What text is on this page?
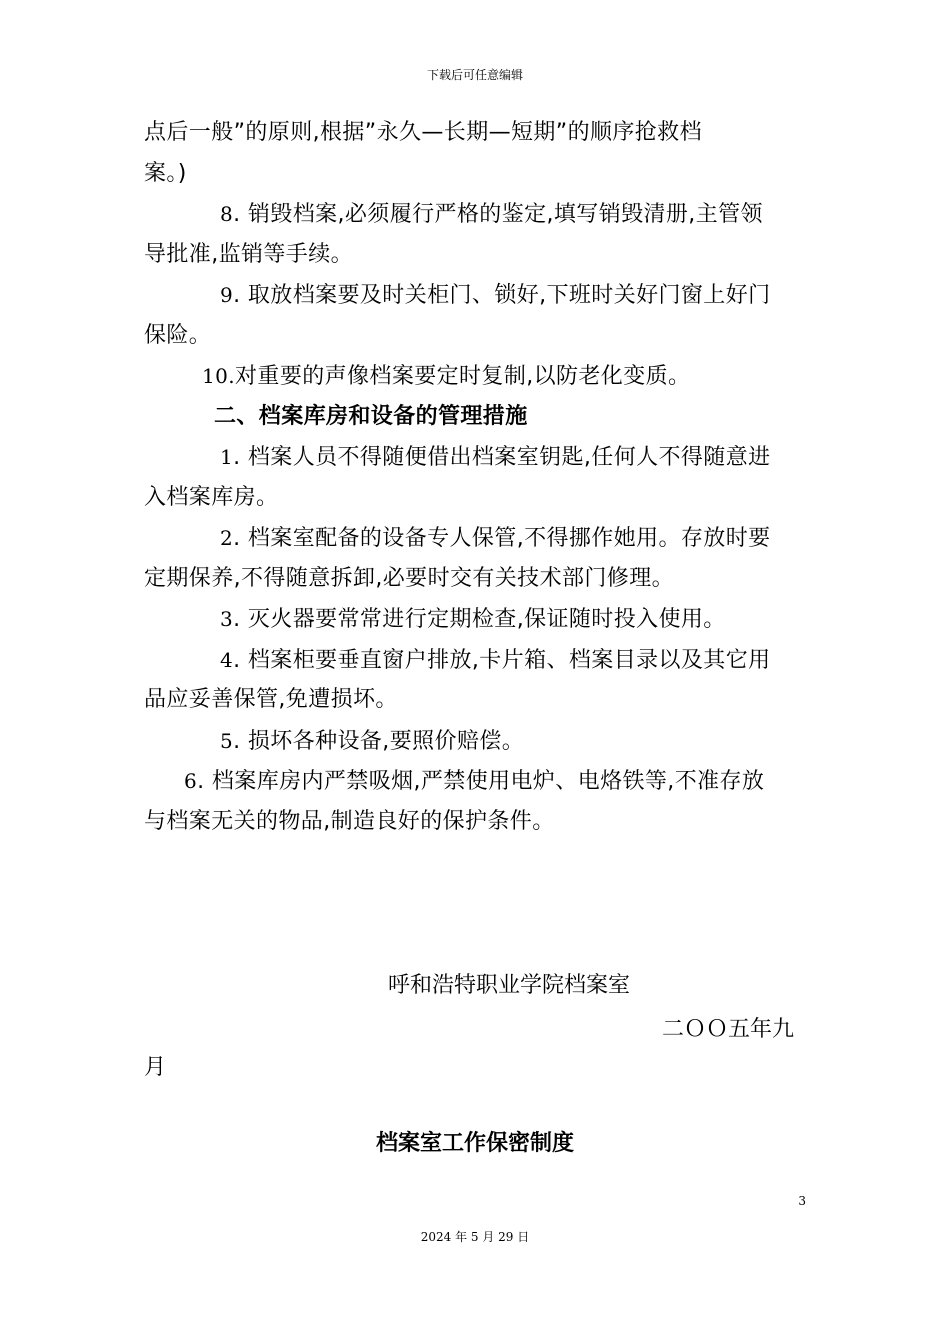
下载后可任意编辑
点后一般”的原则,根据”永久—长期—短期”的顺序抢救档
案。)
8. 销毁档案,必须履行严格的鉴定,填写销毁清册,主管领
导批准,监销等手续。
9. 取放档案要及时关柜门、锁好,下班时关好门窗上好门
保险。
10.对重要的声像档案要定时复制,以防老化变质。
二、档案库房和设备的管理措施
1. 档案人员不得随便借出档案室钥匙,任何人不得随意进
入档案库房。
2. 档案室配备的设备专人保管,不得挪作她用。存放时要
定期保养,不得随意拆卸,必要时交有关技术部门修理。
3. 灭火器要常常进行定期检查,保证随时投入使用。
4. 档案柜要垂直窗户排放,卡片箱、档案目录以及其它用
品应妥善保管,免遭损坏。
5. 损坏各种设备,要照价赔偿。
6. 档案库房内严禁吸烟,严禁使用电炉、电烙铁等,不准存放
与档案无关的物品,制造良好的保护条件。
呼和浩特职业学院档案室
二ＯＯ五年九
月
档案室工作保密制度
3
2024 年 5 月 29 日
